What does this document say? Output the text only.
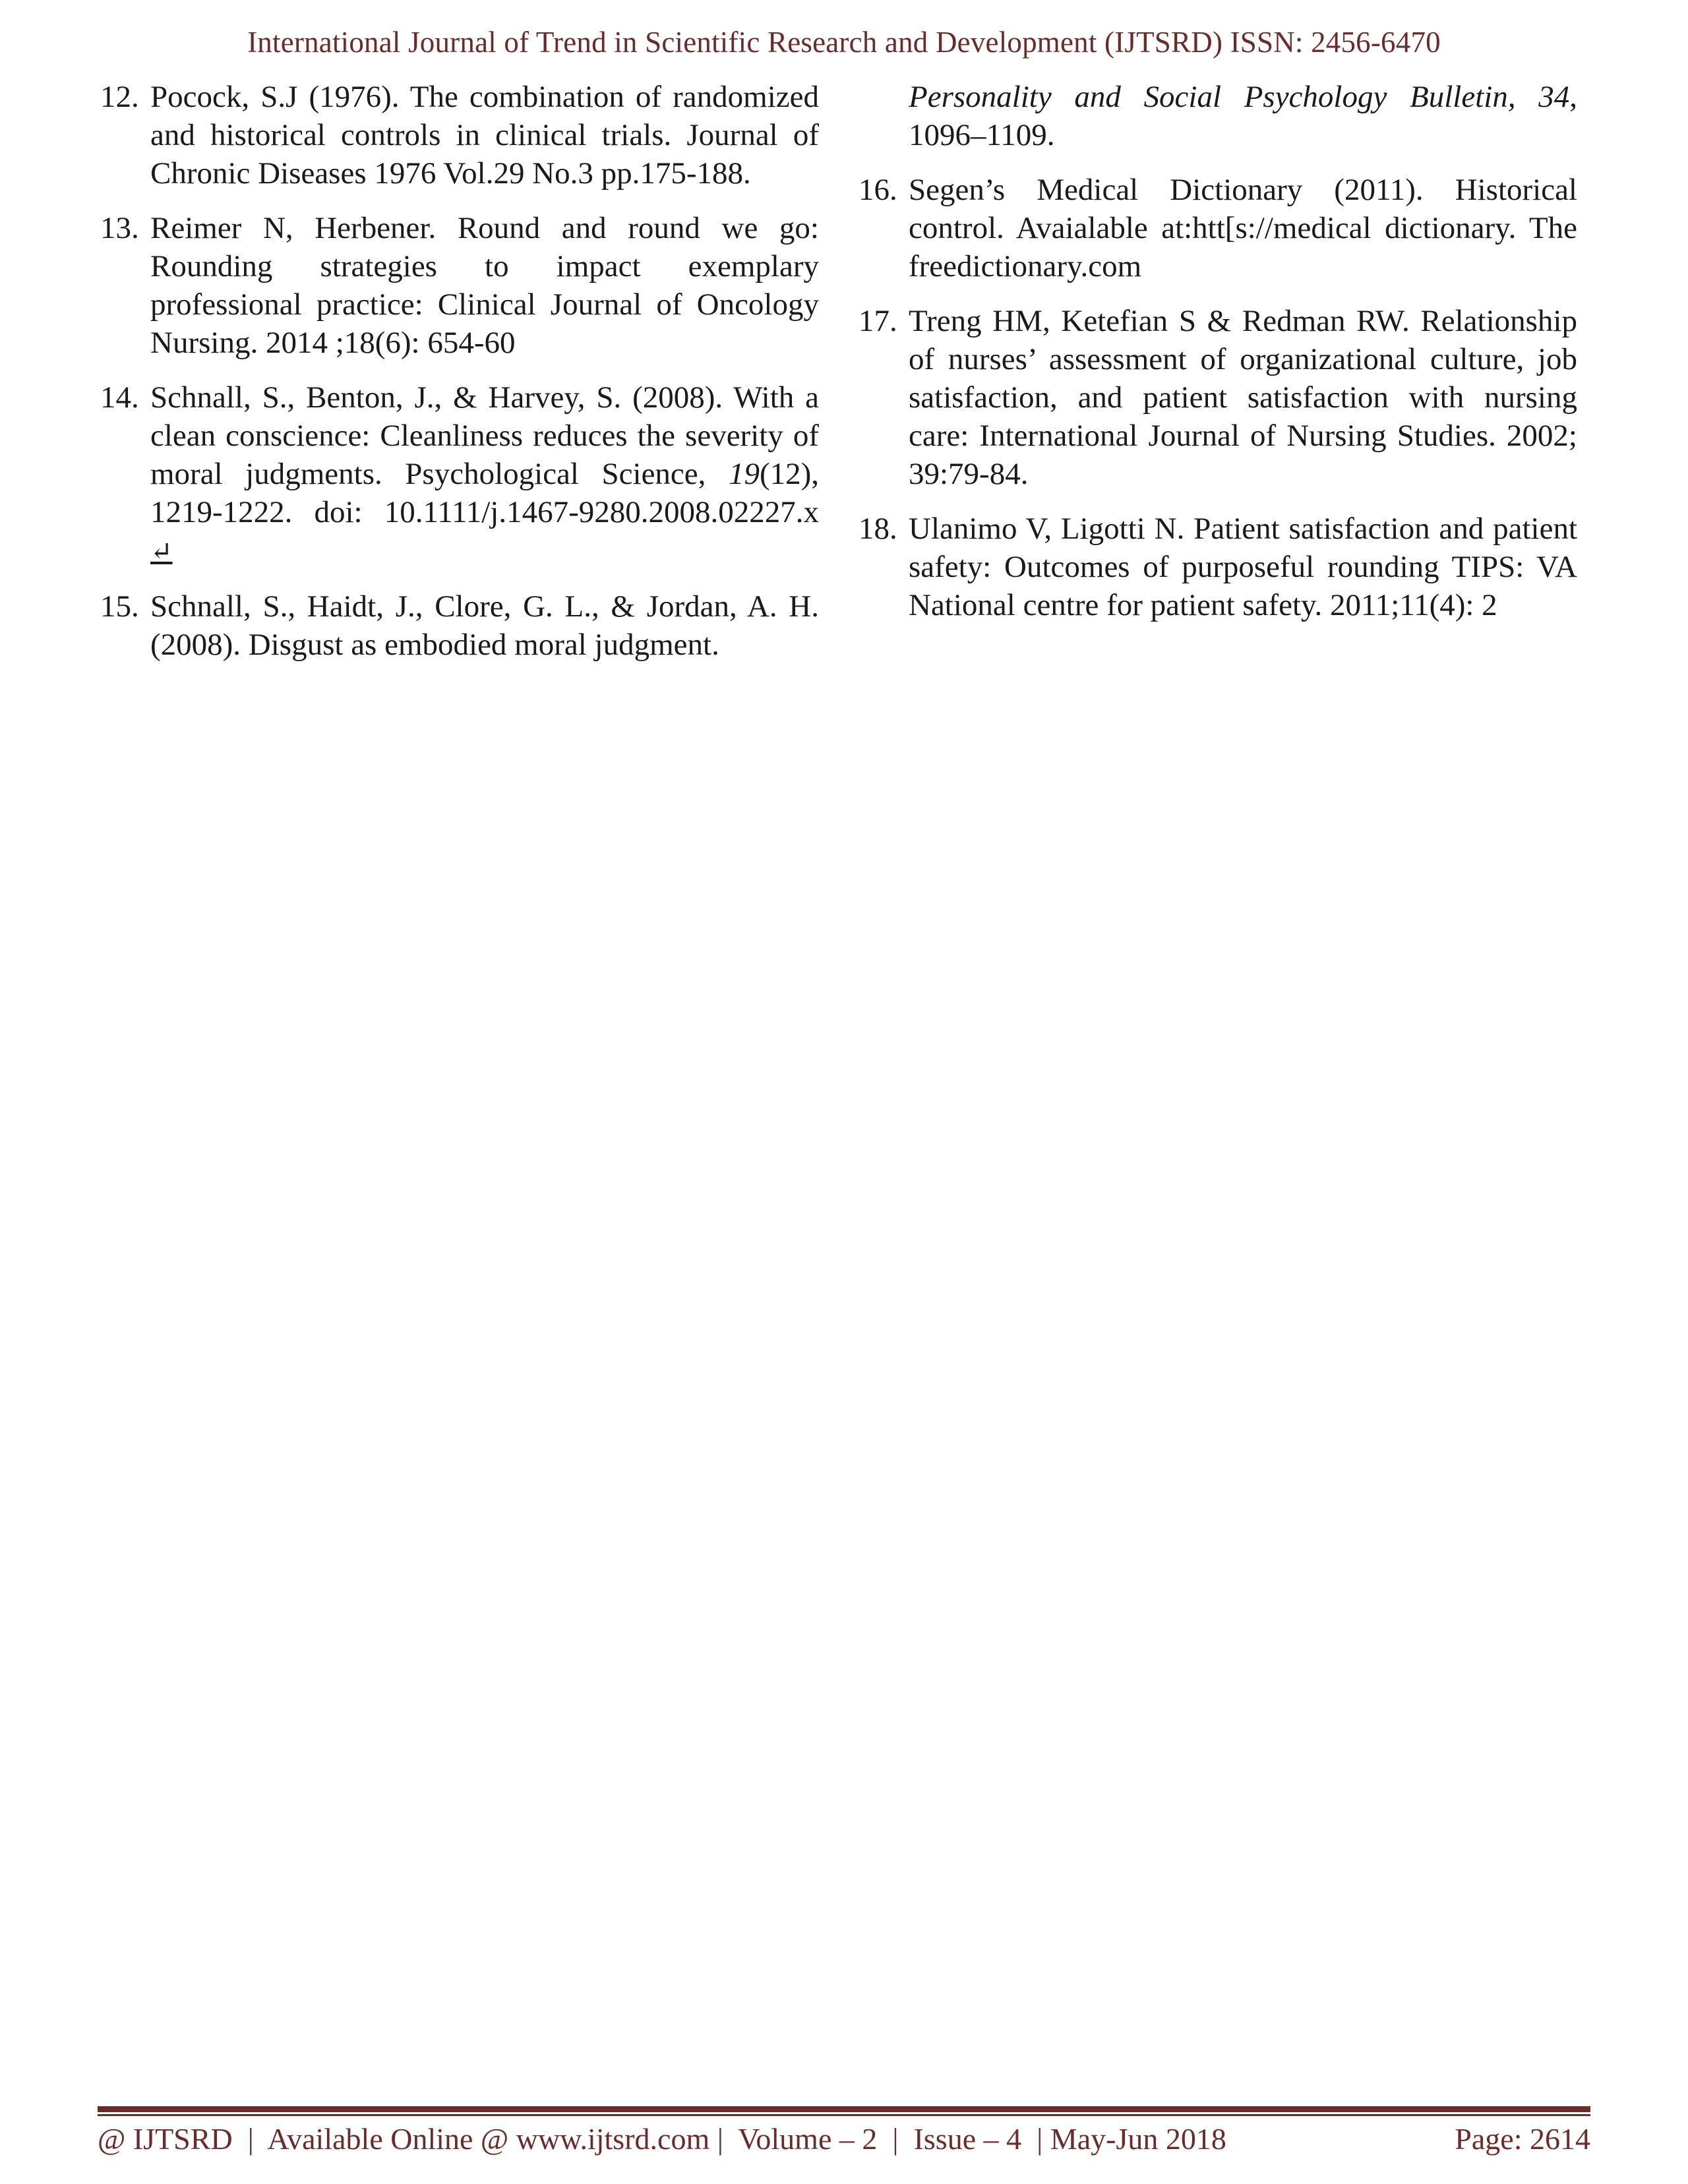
International Journal of Trend in Scientific Research and Development (IJTSRD) ISSN: 2456-6470
12. Pocock, S.J (1976). The combination of randomized and historical controls in clinical trials. Journal of Chronic Diseases 1976 Vol.29 No.3 pp.175-188.
13. Reimer N, Herbener. Round and round we go: Rounding strategies to impact exemplary professional practice: Clinical Journal of Oncology Nursing. 2014 ;18(6): 654-60
14. Schnall, S., Benton, J., & Harvey, S. (2008). With a clean conscience: Cleanliness reduces the severity of moral judgments. Psychological Science, 19(12), 1219-1222. doi: 10.1111/j.1467-9280.2008.02227.x ↵
15. Schnall, S., Haidt, J., Clore, G. L., & Jordan, A. H. (2008). Disgust as embodied moral judgment.
Personality and Social Psychology Bulletin, 34, 1096–1109.
16. Segen’s Medical Dictionary (2011). Historical control. Avaialable at:htt[s://medical dictionary. The freedictionary.com
17. Treng HM, Ketefian S & Redman RW. Relationship of nurses’ assessment of organizational culture, job satisfaction, and patient satisfaction with nursing care: International Journal of Nursing Studies. 2002; 39:79-84.
18. Ulanimo V, Ligotti N. Patient satisfaction and patient safety: Outcomes of purposeful rounding TIPS: VA National centre for patient safety. 2011;11(4): 2
@ IJTSRD  |  Available Online @ www.ijtsrd.com |  Volume – 2  |  Issue – 4  | May-Jun 2018	Page: 2614
